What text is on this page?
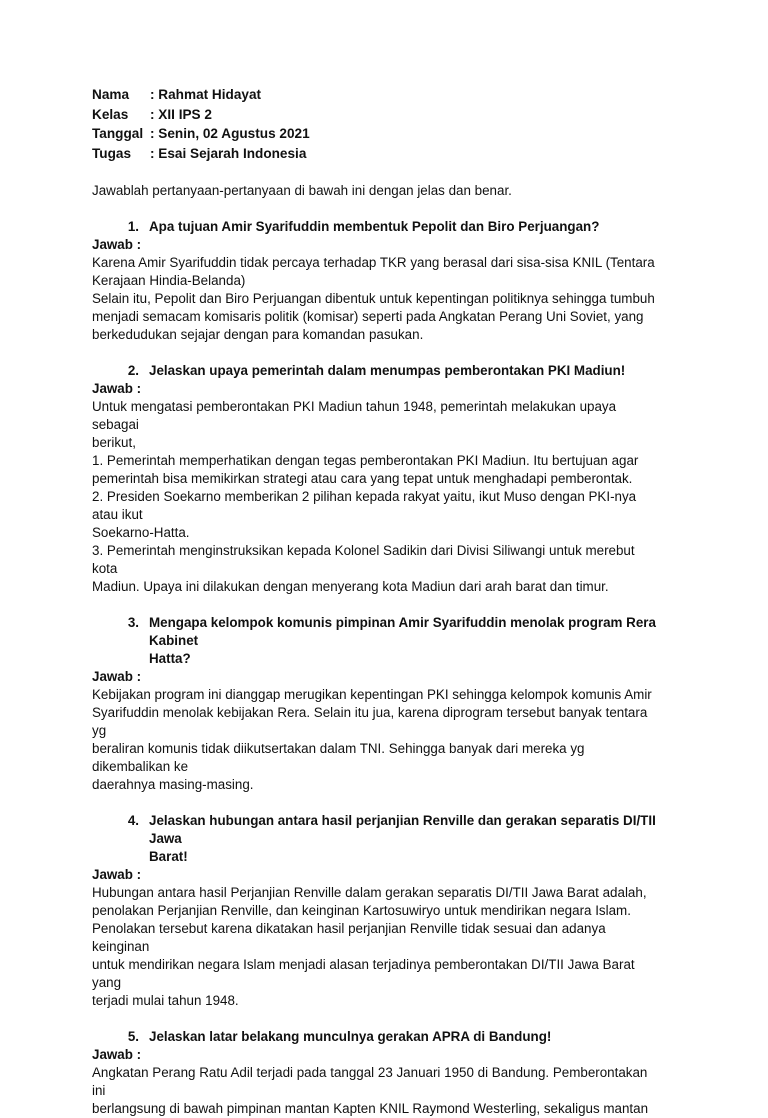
Nama	: Rahmat Hidayat
Kelas	: XII IPS 2
Tanggal	: Senin, 02 Agustus 2021
Tugas	: Esai Sejarah Indonesia

Jawablah pertanyaan-pertanyaan di bawah ini dengan jelas dan benar.

1. Apa tujuan Amir Syarifuddin membentuk Pepolit dan Biro Perjuangan?
Jawab :
Karena Amir Syarifuddin tidak percaya terhadap TKR yang berasal dari sisa-sisa KNIL (Tentara
Kerajaan Hindia-Belanda)
Selain itu, Pepolit dan Biro Perjuangan dibentuk untuk kepentingan politiknya sehingga tumbuh
menjadi semacam komisaris politik (komisar) seperti pada Angkatan Perang Uni Soviet, yang
berkedudukan sejajar dengan para komandan pasukan.
2. Jelaskan upaya pemerintah dalam menumpas pemberontakan PKI Madiun!
Jawab :
Untuk mengatasi pemberontakan PKI Madiun tahun 1948, pemerintah melakukan upaya sebagai
berikut,
1. Pemerintah memperhatikan dengan tegas pemberontakan PKI Madiun. Itu bertujuan agar
pemerintah bisa memikirkan strategi atau cara yang tepat untuk menghadapi pemberontak.
2. Presiden Soekarno memberikan 2 pilihan kepada rakyat yaitu, ikut Muso dengan PKI-nya atau ikut
Soekarno-Hatta.
3. Pemerintah menginstruksikan kepada Kolonel Sadikin dari Divisi Siliwangi untuk merebut kota
Madiun. Upaya ini dilakukan dengan menyerang kota Madiun dari arah barat dan timur.
3. Mengapa kelompok komunis pimpinan Amir Syarifuddin menolak program Rera Kabinet
Hatta?
Jawab :
Kebijakan program ini dianggap merugikan kepentingan PKI sehingga kelompok komunis Amir
Syarifuddin menolak kebijakan Rera. Selain itu jua, karena diprogram tersebut banyak tentara yg
beraliran komunis tidak diikutsertakan dalam TNI. Sehingga banyak dari mereka yg dikembalikan ke
daerahnya masing-masing.
4. Jelaskan hubungan antara hasil perjanjian Renville dan gerakan separatis DI/TII Jawa
Barat!
Jawab :
Hubungan antara hasil Perjanjian Renville dalam gerakan separatis DI/TII Jawa Barat adalah,
penolakan Perjanjian Renville, dan keinginan Kartosuwiryo untuk mendirikan negara Islam.
Penolakan tersebut karena dikatakan hasil perjanjian Renville tidak sesuai dan adanya keinginan
untuk mendirikan negara Islam menjadi alasan terjadinya pemberontakan DI/TII Jawa Barat yang
terjadi mulai tahun 1948.
5. Jelaskan latar belakang munculnya gerakan APRA di Bandung!
Jawab :
Angkatan Perang Ratu Adil terjadi pada tanggal 23 Januari 1950 di Bandung. Pemberontakan ini
berlangsung di bawah pimpinan mantan Kapten KNIL Raymond Westerling, sekaligus mantan
